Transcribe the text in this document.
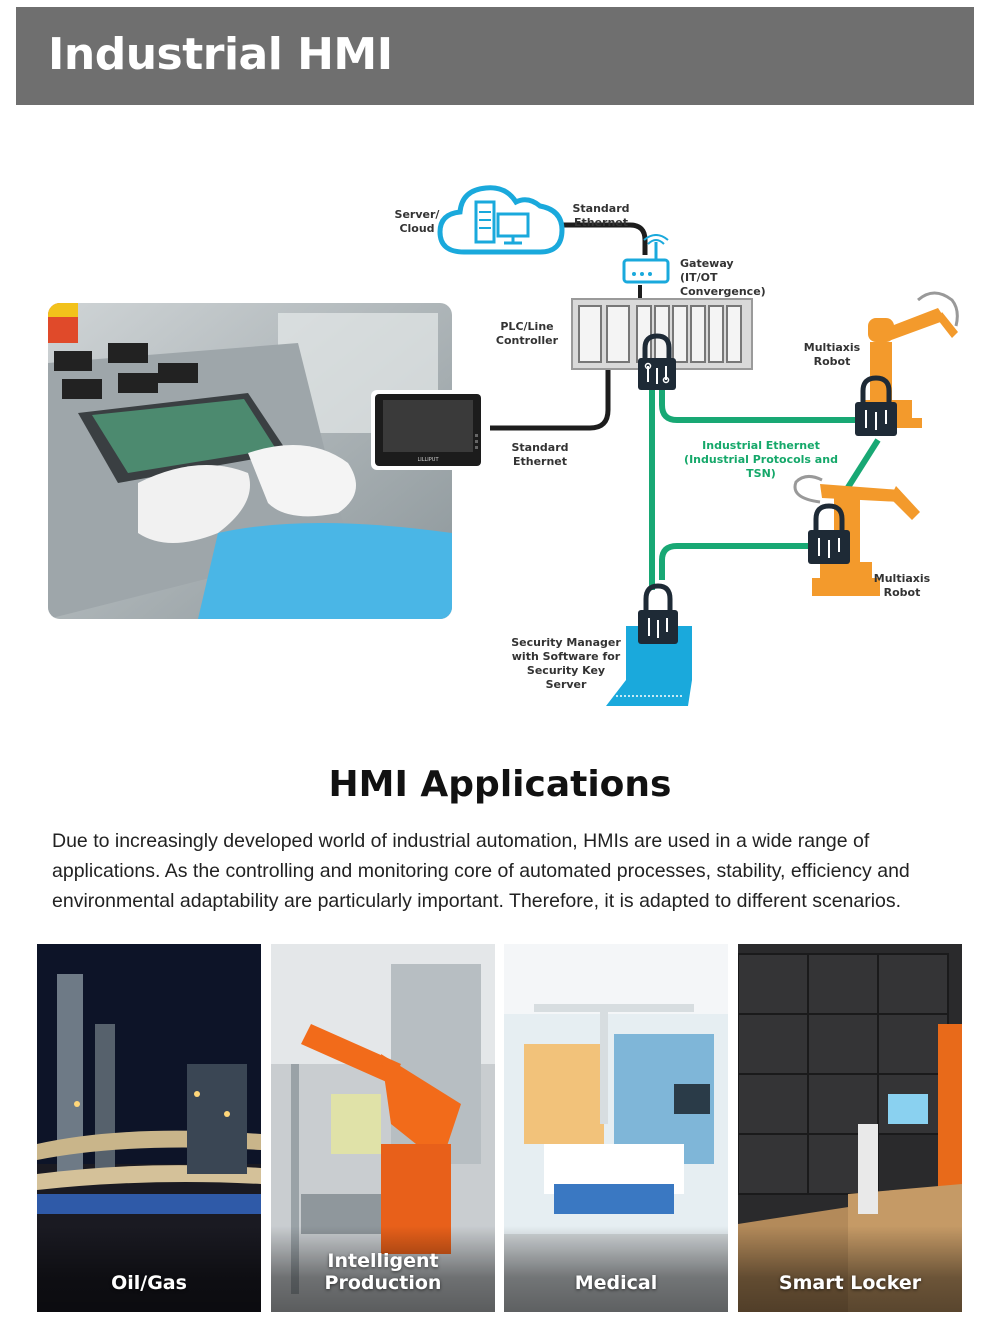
Industrial HMI
Server/
Cloud
Standard
Ethernet
Gateway
(IT/OT Convergence)
PLC/Line
Controller
Multiaxis
Robot
Industrial Ethernet
(Industrial Protocols and TSN)
Multiaxis
Robot
Security Manager
with Software for
Security Key Server
Standard
Ethernet
LILLIPUT
HMI Applications

Due to increasingly developed world of industrial automation, HMIs are used in a wide range of applications. As the controlling and monitoring core of automated processes, stability, efficiency and environmental adaptability are particularly important. Therefore, it is adapted to different scenarios.

Oil/Gas
Intelligent Production	Medical	Smart Locker
